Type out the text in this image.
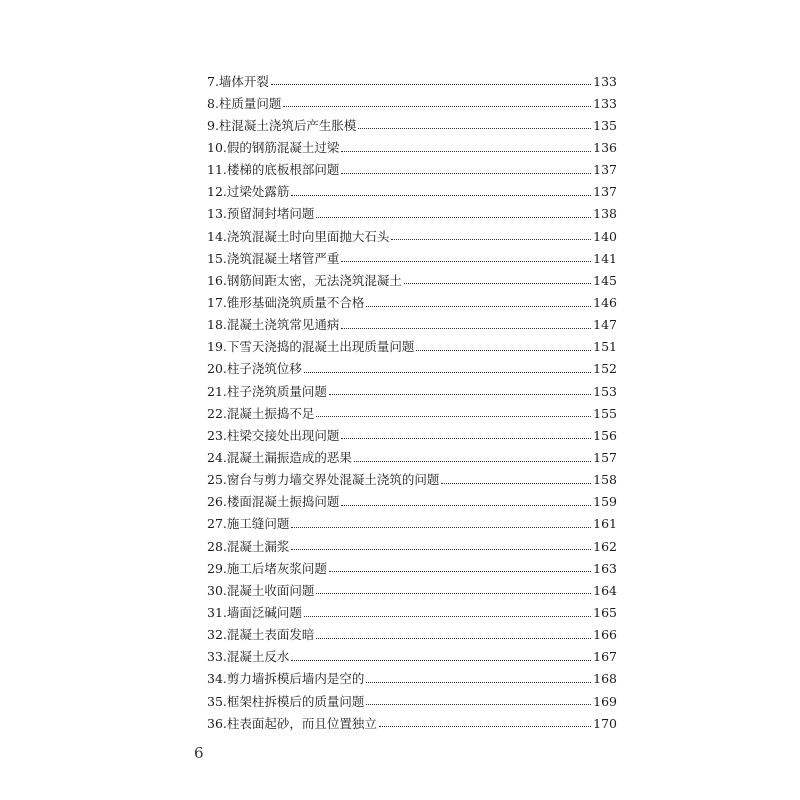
7.墙体开裂	133
8.柱质量问题	133
9.柱混凝土浇筑后产生胀模	135
10.假的钢筋混凝土过梁	136
11.楼梯的底板根部问题	137
12.过梁处露筋	137
13.预留洞封堵问题	138
14.浇筑混凝土时向里面抛大石头	140
15.浇筑混凝土堵管严重	141
16.钢筋间距太密，无法浇筑混凝土	145
17.锥形基础浇筑质量不合格	146
18.混凝土浇筑常见通病	147
19.下雪天浇捣的混凝土出现质量问题	151
20.柱子浇筑位移	152
21.柱子浇筑质量问题	153
22.混凝土振捣不足	155
23.柱梁交接处出现问题	156
24.混凝土漏振造成的恶果	157
25.窗台与剪力墙交界处混凝土浇筑的问题	158
26.楼面混凝土振捣问题	159
27.施工缝问题	161
28.混凝土漏浆	162
29.施工后堵灰浆问题	163
30.混凝土收面问题	164
31.墙面泛碱问题	165
32.混凝土表面发暗	166
33.混凝土反水	167
34.剪力墙拆模后墙内是空的	168
35.框架柱拆模后的质量问题	169
36.柱表面起砂，而且位置独立	170
6
